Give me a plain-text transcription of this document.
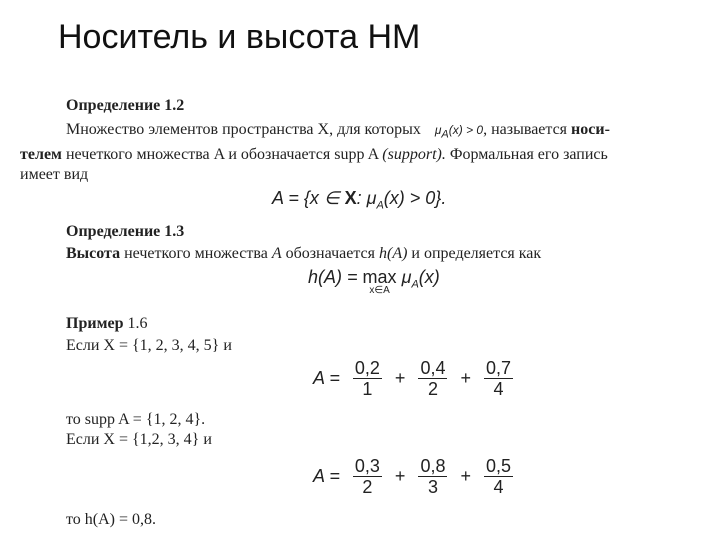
Носитель и высота НМ
Определение 1.2
Множество элементов пространства X, для которых $\mu_A(x) > 0$, называется носи-
телем нечеткого множества A и обозначается supp A (support). Формальная его запись
имеет вид
A = {x ∈ X: $\mu_A(x) > 0$}.
Определение 1.3
Высота нечеткого множества A обозначается h(A) и определяется как
h(A) = max
x∈A
$\mu_A(x)$
Пример 1.6
Если X = {1, 2, 3, 4, 5} и
$A = \frac{0,2}{1} + \frac{0,4}{2} + \frac{0,7}{4}$
то supp A = {1, 2, 4}.
Если X = {1,2, 3, 4} и
$A = \frac{0,3}{2} + \frac{0,8}{3} + \frac{0,5}{4}$
то h(A) = 0,8.
